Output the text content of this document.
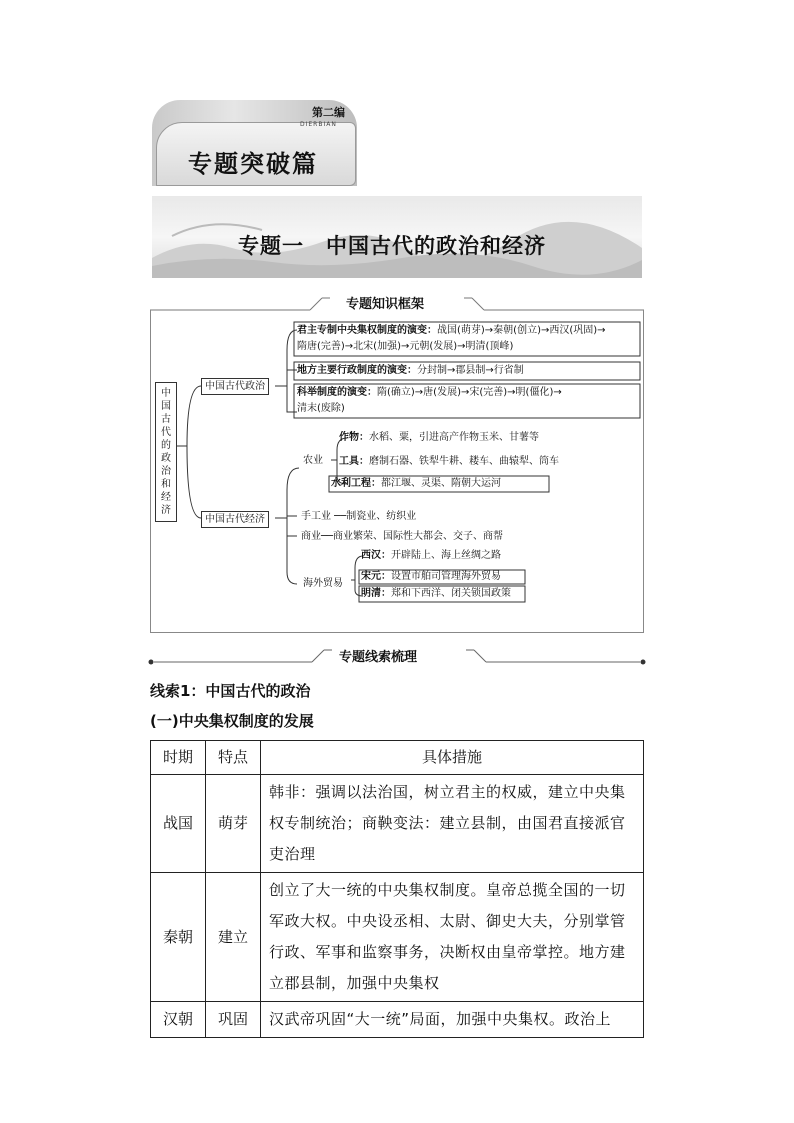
第二编
DIERBIAN
专题突破篇
专题一　中国古代的政治和经济
专题知识框架
中国古代的政治和经济
中国古代政治
君主专制中央集权制度的演变：战国(萌芽)→秦朝(创立)→西汉(巩固)→
隋唐(完善)→北宋(加强)→元朝(发展)→明清(顶峰)
地方主要行政制度的演变：分封制→郡县制→行省制
科举制度的演变：隋(确立)→唐(发展)→宋(完善)→明(僵化)→
清末(废除)
中国古代经济
农业
作物：水稻、粟，引进高产作物玉米、甘薯等
工具：磨制石器、铁犁牛耕、耧车、曲辕犁、筒车
水利工程：都江堰、灵渠、隋朝大运河
手工业 ──制瓷业、纺织业
商业──商业繁荣、国际性大都会、交子、商帮
海外贸易
西汉：开辟陆上、海上丝绸之路
宋元：设置市舶司管理海外贸易
明清：郑和下西洋、闭关锁国政策
专题线索梳理
线索1：中国古代的政治
(一)中央集权制度的发展
时期	特点	具体措施
战国	萌芽	韩非：强调以法治国，树立君主的权威，建立中央集权专制统治；商鞅变法：建立县制，由国君直接派官吏治理
秦朝	建立	创立了大一统的中央集权制度。皇帝总揽全国的一切军政大权。中央设丞相、太尉、御史大夫，分别掌管行政、军事和监察事务，决断权由皇帝掌控。地方建立郡县制，加强中央集权
汉朝	巩固	汉武帝巩固“大一统”局面，加强中央集权。政治上
